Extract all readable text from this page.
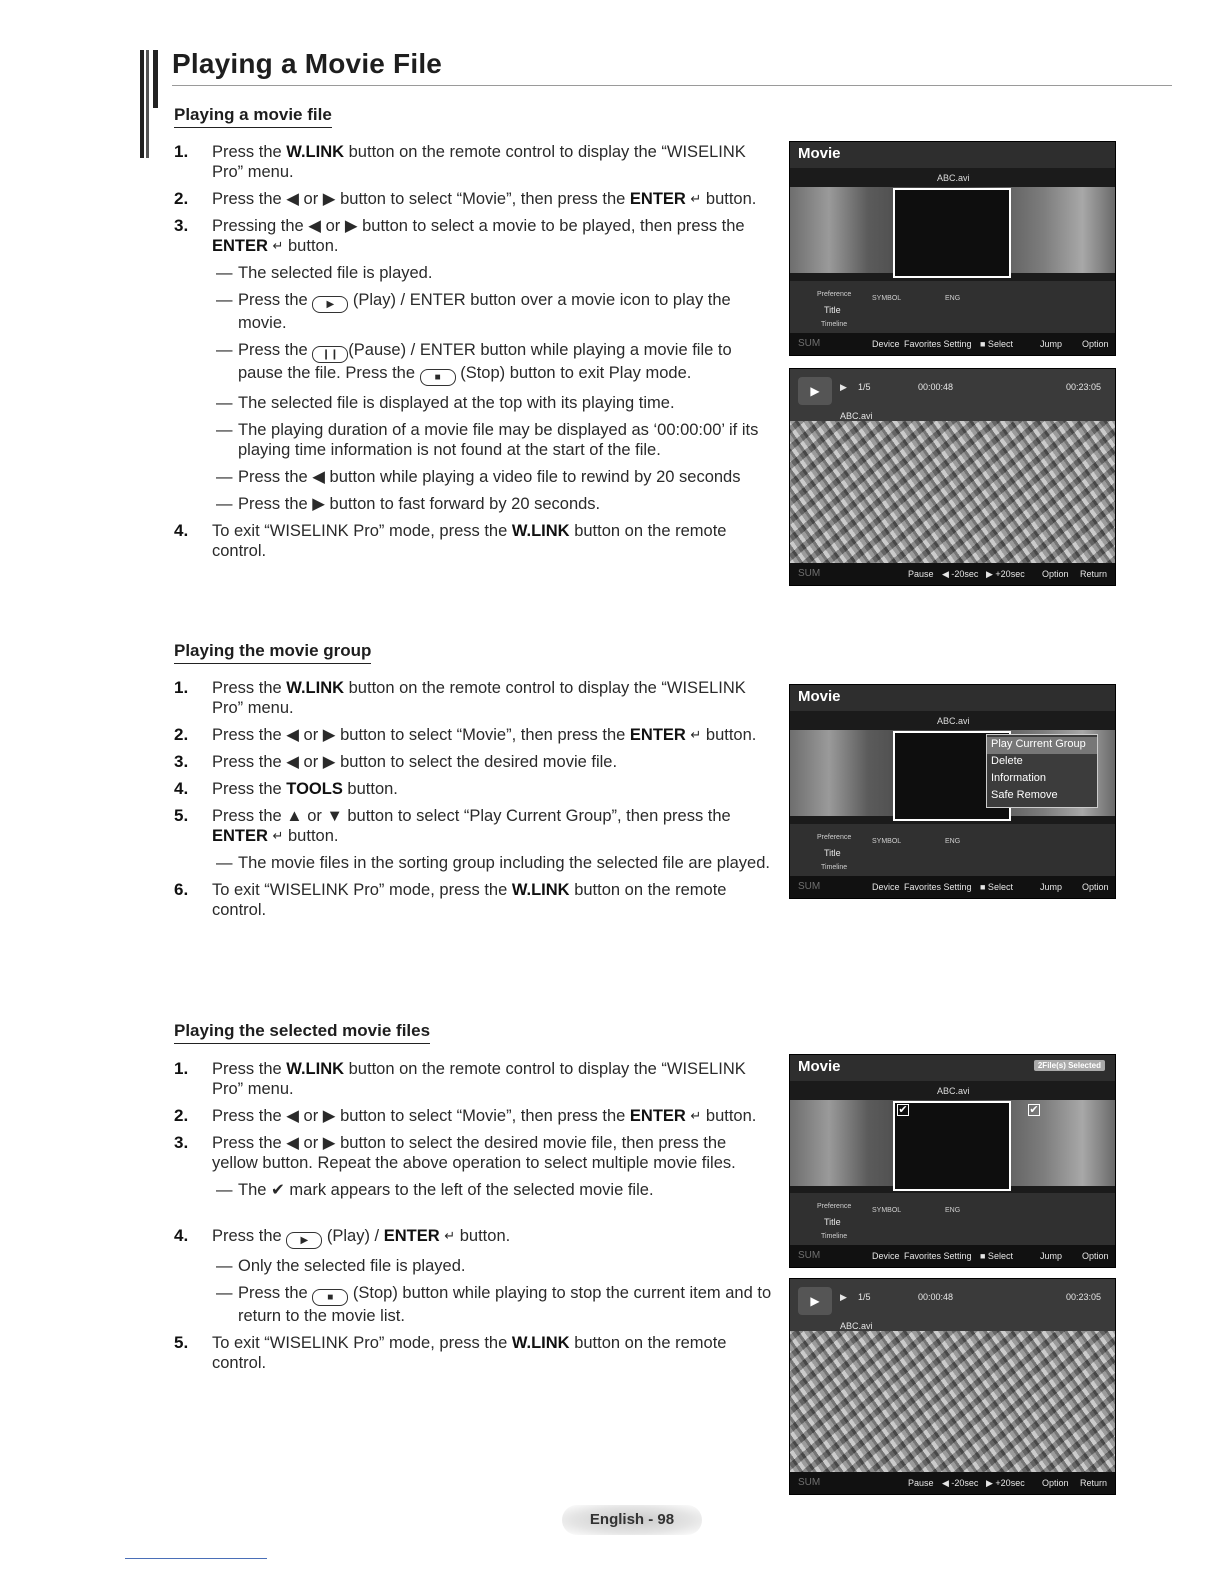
Playing a Movie File
Playing a movie file
1. Press the W.LINK button on the remote control to display the “WISELINK Pro” menu.
2. Press the ◀ or ▶ button to select “Movie”, then press the ENTER ↵ button.
3. Pressing the ◀ or ▶ button to select a movie to be played, then press the ENTER ↵ button.
— The selected file is played.
— Press the ▶ (Play) / ENTER button over a movie icon to play the movie.
— Press the ❙❙ (Pause) / ENTER button while playing a movie file to pause the file. Press the ■ (Stop) button to exit Play mode.
— The selected file is displayed at the top with its playing time.
— The playing duration of a movie file may be displayed as ‘00:00:00’ if its playing time information is not found at the start of the file.
— Press the ◀ button while playing a video file to rewind by 20 seconds
— Press the ▶ button to fast forward by 20 seconds.
4. To exit “WISELINK Pro” mode, press the W.LINK button on the remote control.
Playing the movie group
1. Press the W.LINK button on the remote control to display the “WISELINK Pro” menu.
2. Press the ◀ or ▶ button to select “Movie”, then press the ENTER ↵ button.
3. Press the ◀ or ▶ button to select the desired movie file.
4. Press the TOOLS button.
5. Press the ▲ or ▼ button to select “Play Current Group”, then press the ENTER ↵ button.
— The movie files in the sorting group including the selected file are played.
6. To exit “WISELINK Pro” mode, press the W.LINK button on the remote control.
Playing the selected movie files
1. Press the W.LINK button on the remote control to display the “WISELINK Pro” menu.
2. Press the ◀ or ▶ button to select “Movie”, then press the ENTER ↵ button.
3. Press the ◀ or ▶ button to select the desired movie file, then press the yellow button. Repeat the above operation to select multiple movie files.
— The ✔ mark appears to the left of the selected movie file.
4. Press the ▶ (Play) / ENTER ↵ button.
— Only the selected file is played.
— Press the ■ (Stop) button while playing to stop the current item and to return to the movie list.
5. To exit “WISELINK Pro” mode, press the W.LINK button on the remote control.
Movie
ABC.avi
Preference
SYMBOL	ENG
Title
Timeline
SUM	Device Favorites Setting ■ Select	Jump Option
▶	▶ 1/5	00:00:48	00:23:05
ABC.avi
SUM	Pause ◀ -20sec ▶ +20sec Option Return
Movie
ABC.avi
Play Current Group
Delete
Information
Safe Remove
Preference
SYMBOL	ENG
Title
Timeline
SUM	Device Favorites Setting ■ Select	Jump Option
Movie	2File(s) Selected
ABC.avi
✔	✔
Preference
SYMBOL	ENG
Title
Timeline
SUM	Device Favorites Setting ■ Select	Jump Option
▶	▶ 1/5	00:00:48	00:23:05
ABC.avi
SUM	Pause ◀ -20sec ▶ +20sec Option Return
English - 98
